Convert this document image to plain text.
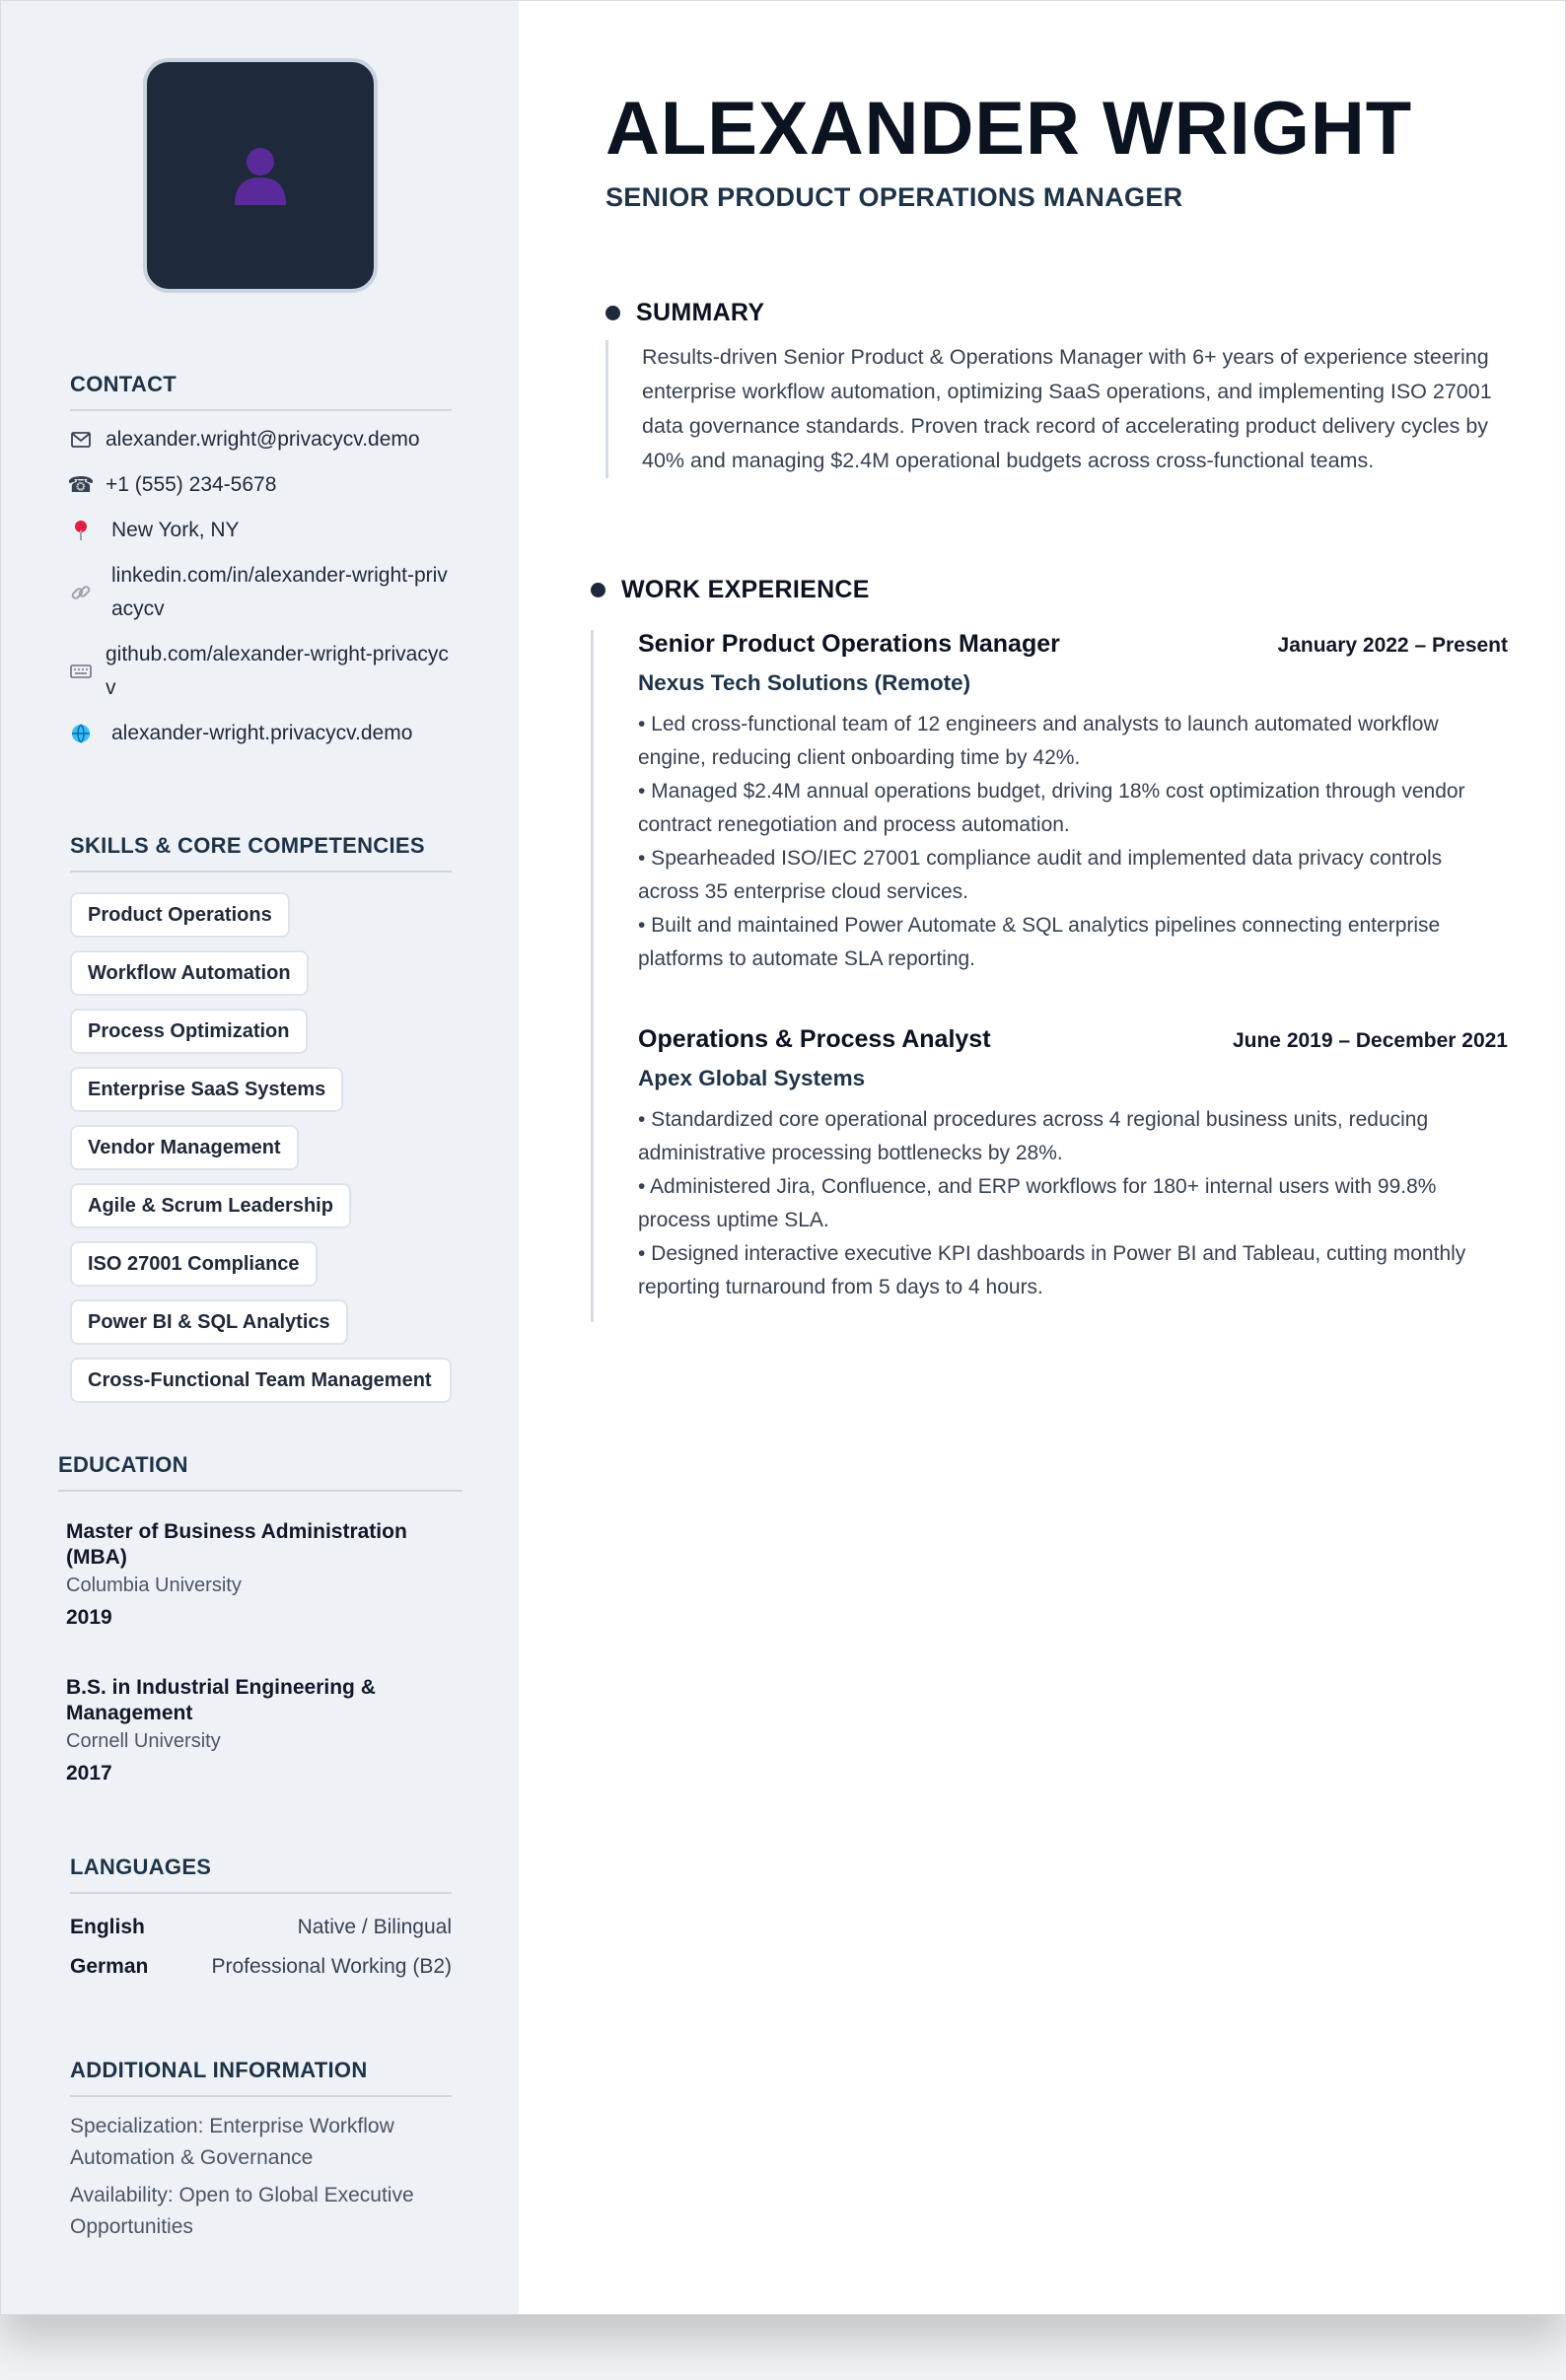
CONTACT
alexander.wright@privacycv.demo
☎ +1 (555) 234-5678
New York, NY
linkedin.com/in/alexander-wright-privacycv
github.com/alexander-wright-privacycv
alexander-wright.privacycv.demo
SKILLS & CORE COMPETENCIES
Product Operations
Workflow Automation
Process Optimization
Enterprise SaaS Systems
Vendor Management
Agile & Scrum Leadership
ISO 27001 Compliance
Power BI & SQL Analytics
Cross-Functional Team Management
EDUCATION
Master of Business Administration (MBA)
Columbia University
2019
B.S. in Industrial Engineering & Management
Cornell University
2017
LANGUAGES
English	Native / Bilingual
German	Professional Working (B2)
ADDITIONAL INFORMATION

Specialization: Enterprise Workflow Automation & Governance

Availability: Open to Global Executive Opportunities

ALEXANDER WRIGHT
SENIOR PRODUCT OPERATIONS MANAGER
SUMMARY
Results-driven Senior Product & Operations Manager with 6+ years of experience steering enterprise workflow automation, optimizing SaaS operations, and implementing ISO 27001 data governance standards. Proven track record of accelerating product delivery cycles by 40% and managing $2.4M operational budgets across cross-functional teams.
WORK EXPERIENCE
Senior Product Operations Manager	January 2022 – Present
Nexus Tech Solutions (Remote)

• Led cross-functional team of 12 engineers and analysts to launch automated workflow engine, reducing client onboarding time by 42%.

• Managed $2.4M annual operations budget, driving 18% cost optimization through vendor contract renegotiation and process automation.

• Spearheaded ISO/IEC 27001 compliance audit and implemented data privacy controls across 35 enterprise cloud services.

• Built and maintained Power Automate & SQL analytics pipelines connecting enterprise platforms to automate SLA reporting.

Operations & Process Analyst	June 2019 – December 2021
Apex Global Systems

• Standardized core operational procedures across 4 regional business units, reducing administrative processing bottlenecks by 28%.

• Administered Jira, Confluence, and ERP workflows for 180+ internal users with 99.8% process uptime SLA.

• Designed interactive executive KPI dashboards in Power BI and Tableau, cutting monthly reporting turnaround from 5 days to 4 hours.
